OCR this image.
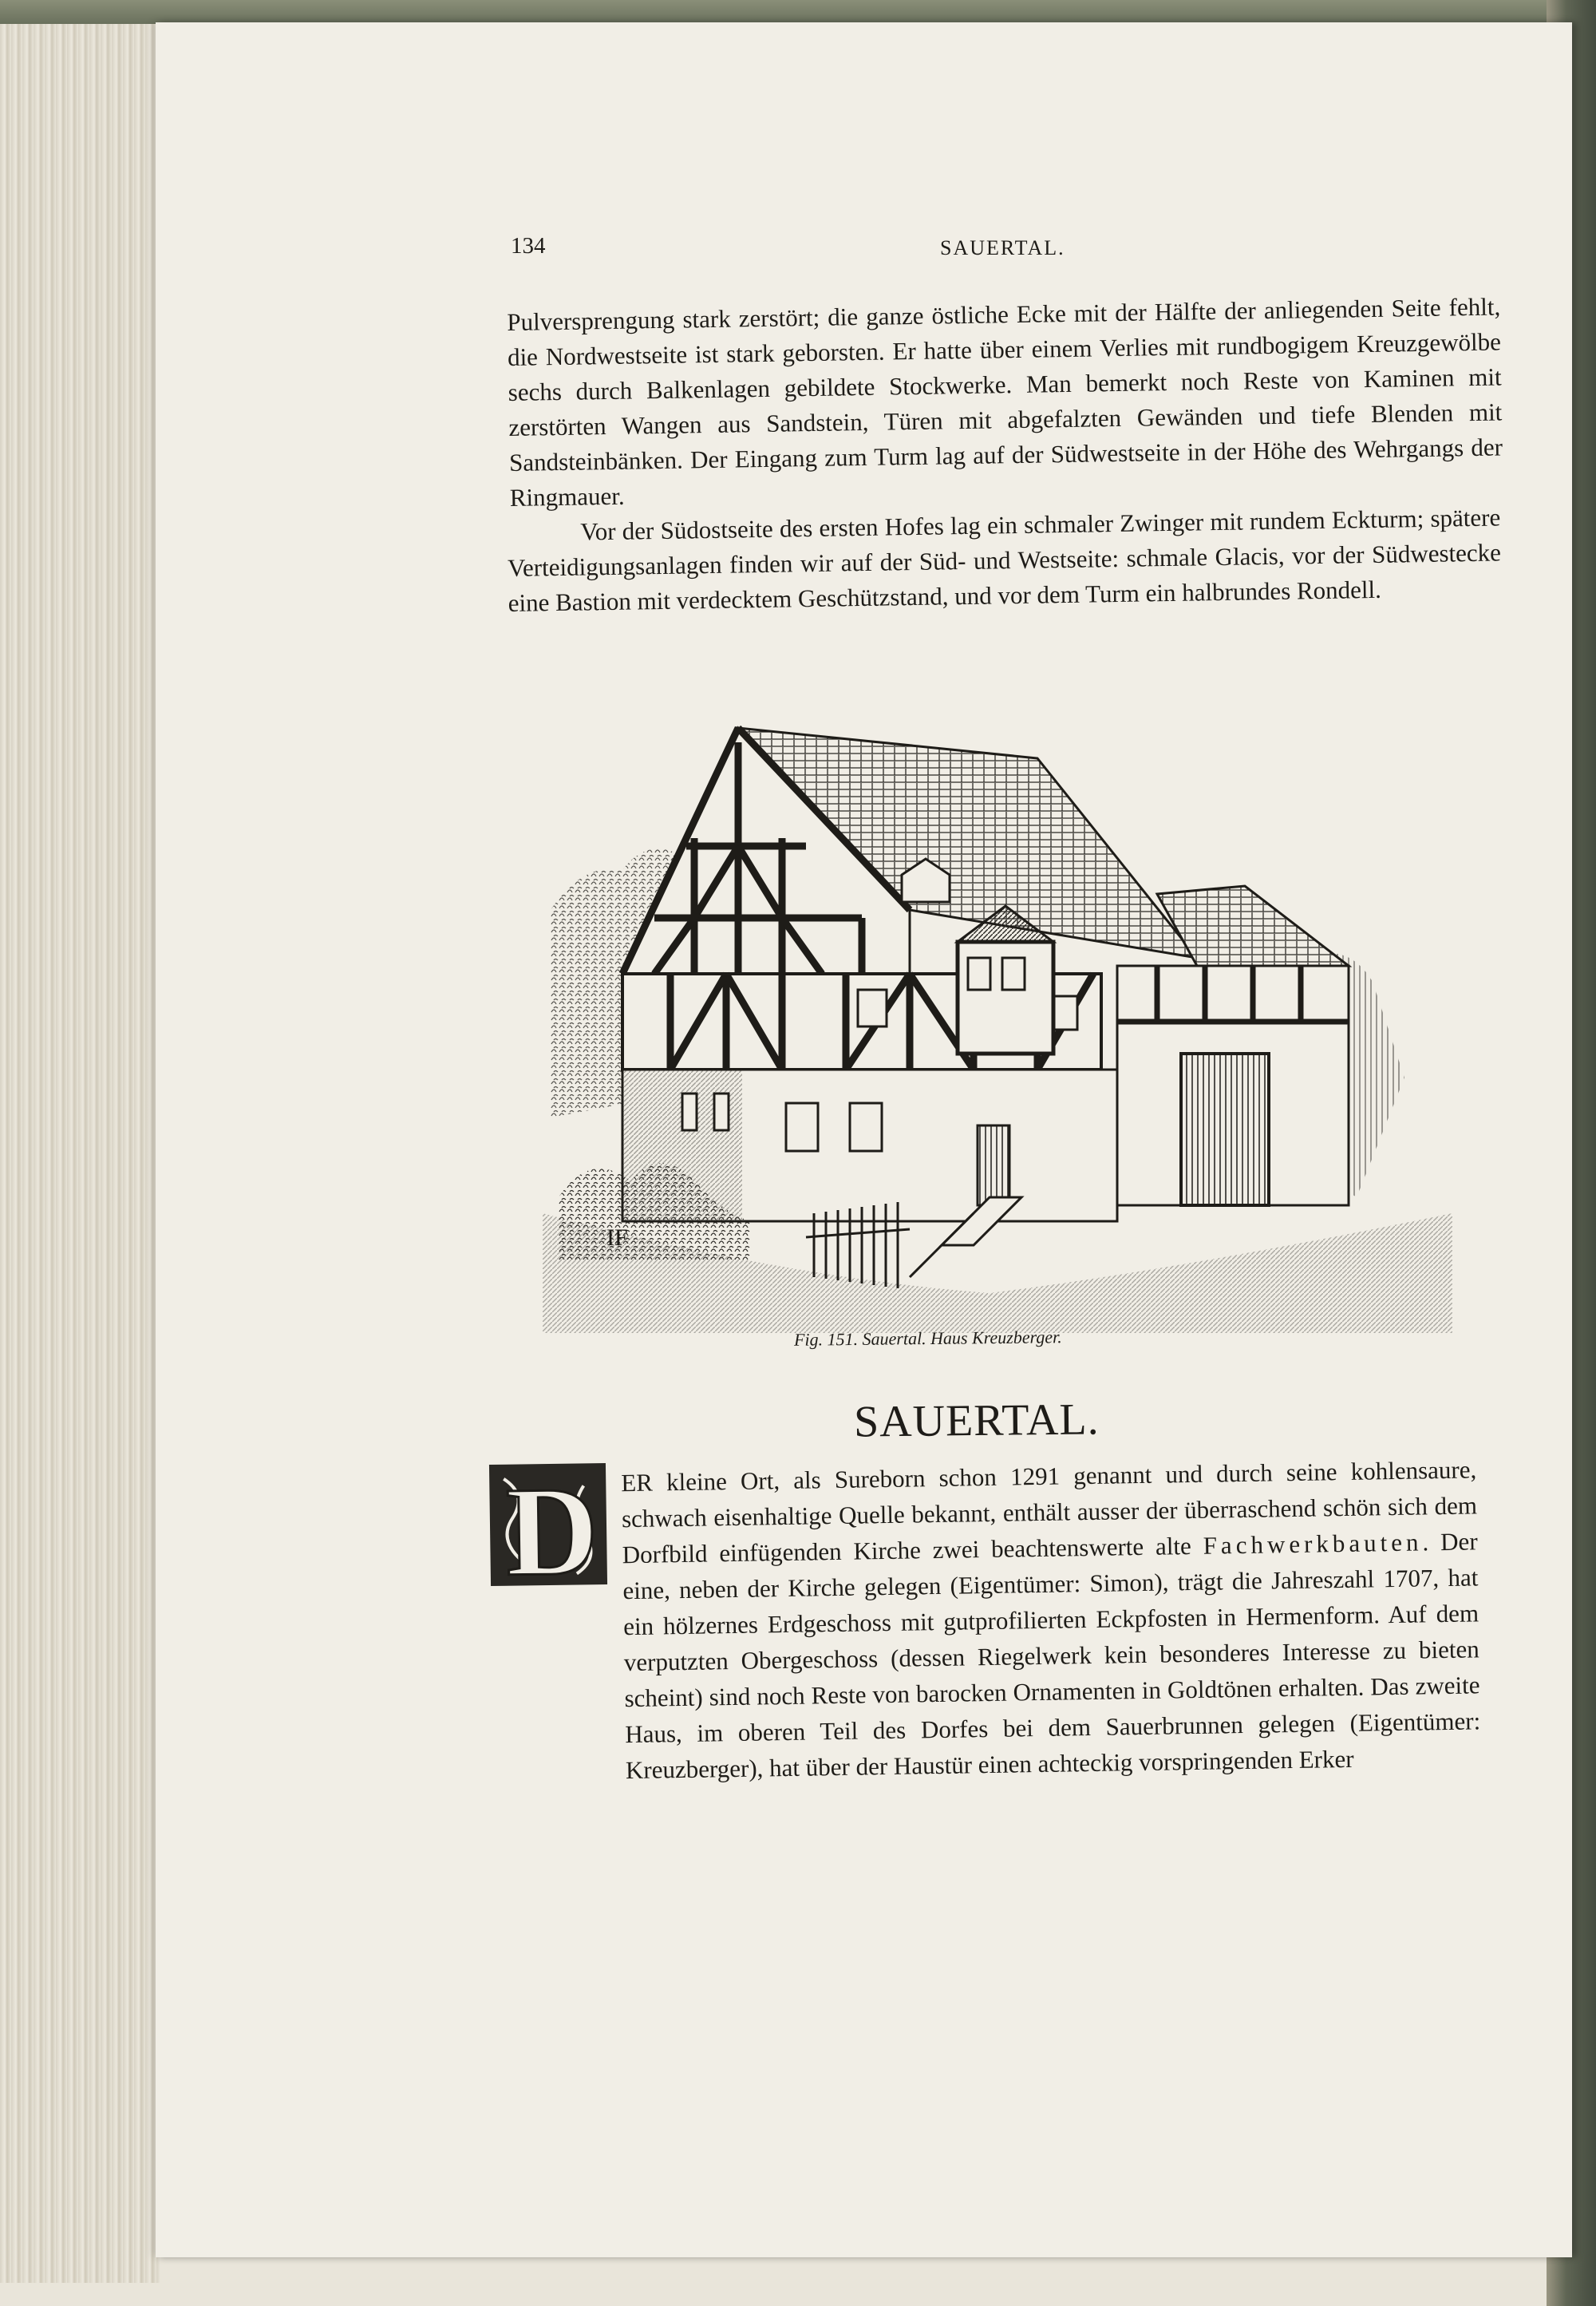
134	SAUERTAL.

Pulversprengung stark zerstört; die ganze östliche Ecke mit der Hälfte der anliegenden Seite fehlt, die Nordwestseite ist stark geborsten. Er hatte über einem Verlies mit rundbogigem Kreuzgewölbe sechs durch Balkenlagen gebildete Stockwerke. Man bemerkt noch Reste von Kaminen mit zerstörten Wangen aus Sandstein, Türen mit abgefalzten Gewänden und tiefe Blenden mit Sandsteinbänken. Der Eingang zum Turm lag auf der Südwestseite in der Höhe des Wehrgangs der Ringmauer.

Vor der Südostseite des ersten Hofes lag ein schmaler Zwinger mit rundem Eckturm; spätere Verteidigungsanlagen finden wir auf der Süd- und Westseite: schmale Glacis, vor der Südwestecke eine Bastion mit verdecktem Geschützstand, und vor dem Turm ein halbrundes Rondell.

IF
Fig. 151. Sauertal. Haus Kreuzberger.
SAUERTAL.
D ER kleine Ort, als Sureborn schon 1291 genannt und durch seine kohlensaure, schwach eisenhaltige Quelle bekannt, enthält ausser der überraschend schön sich dem Dorfbild einfügenden Kirche zwei beachtenswerte alte Fachwerkbauten. Der eine, neben der Kirche gelegen (Eigentümer: Simon), trägt die Jahreszahl 1707, hat ein hölzernes Erdgeschoss mit gutprofilierten Eckpfosten in Hermenform. Auf dem verputzten Obergeschoss (dessen Riegelwerk kein besonderes Interesse zu bieten scheint) sind noch Reste von barocken Ornamenten in Goldtönen erhalten. Das zweite Haus, im oberen Teil des Dorfes bei dem Sauerbrunnen gelegen (Eigentümer: Kreuzberger), hat über der Haustür einen achteckig vorspringenden Erker
